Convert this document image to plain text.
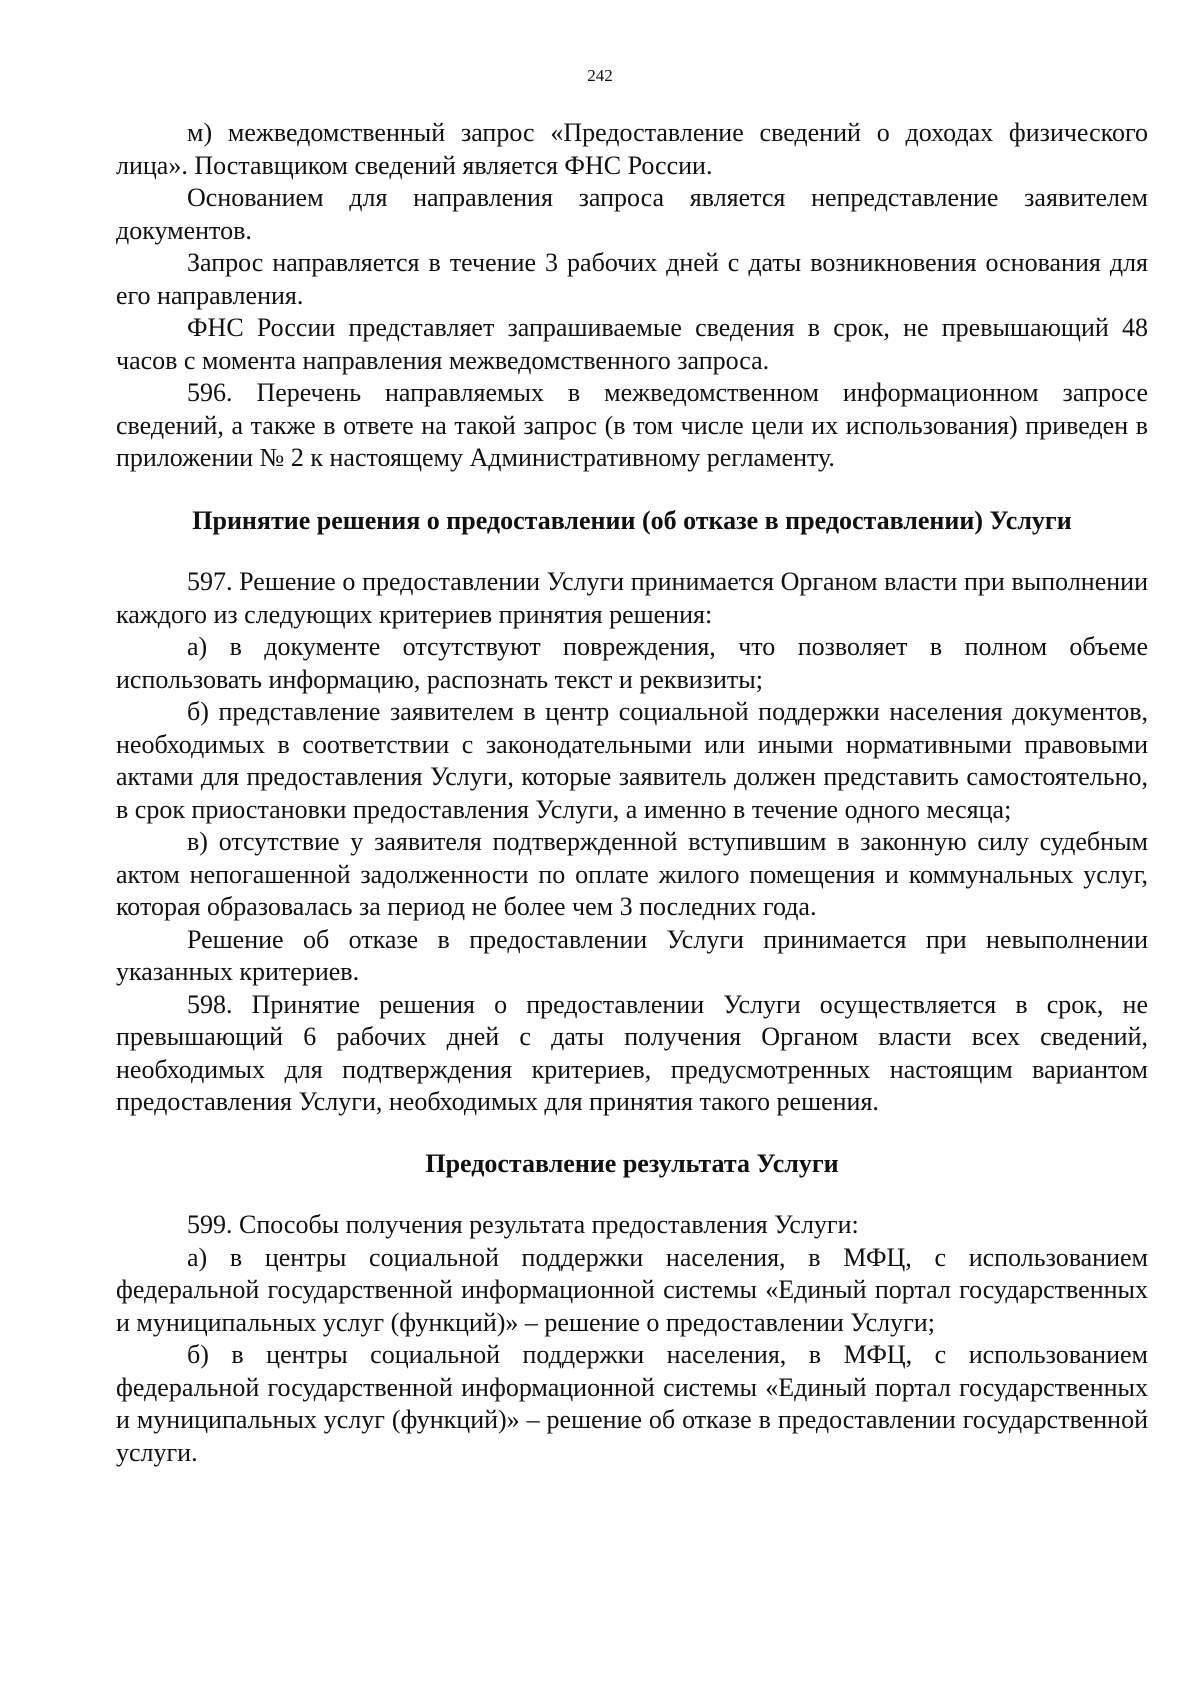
242

м) межведомственный запрос «Предоставление сведений о доходах физического лица». Поставщиком сведений является ФНС России.

Основанием для направления запроса является непредставление заявителем документов.

Запрос направляется в течение 3 рабочих дней с даты возникновения основания для его направления.

ФНС России представляет запрашиваемые сведения в срок, не превышающий 48 часов с момента направления межведомственного запроса.

596. Перечень направляемых в межведомственном информационном запросе сведений, а также в ответе на такой запрос (в том числе цели их использования) приведен в приложении № 2 к настоящему Административному регламенту.

Принятие решения о предоставлении (об отказе в предоставлении) Услуги

597. Решение о предоставлении Услуги принимается Органом власти при выполнении каждого из следующих критериев принятия решения:

а) в документе отсутствуют повреждения, что позволяет в полном объеме использовать информацию, распознать текст и реквизиты;

б) представление заявителем в центр социальной поддержки населения документов, необходимых в соответствии с законодательными или иными нормативными правовыми актами для предоставления Услуги, которые заявитель должен представить самостоятельно, в срок приостановки предоставления Услуги, а именно в течение одного месяца;

в) отсутствие у заявителя подтвержденной вступившим в законную силу судебным актом непогашенной задолженности по оплате жилого помещения и коммунальных услуг, которая образовалась за период не более чем 3 последних года.

Решение об отказе в предоставлении Услуги принимается при невыполнении указанных критериев.

598. Принятие решения о предоставлении Услуги осуществляется в срок, не превышающий 6 рабочих дней с даты получения Органом власти всех сведений, необходимых для подтверждения критериев, предусмотренных настоящим вариантом предоставления Услуги, необходимых для принятия такого решения.

Предоставление результата Услуги

599. Способы получения результата предоставления Услуги:

а) в центры социальной поддержки населения, в МФЦ, с использованием федеральной государственной информационной системы «Единый портал государственных и муниципальных услуг (функций)» – решение о предоставлении Услуги;

б) в центры социальной поддержки населения, в МФЦ, с использованием федеральной государственной информационной системы «Единый портал государственных и муниципальных услуг (функций)» – решение об отказе в предоставлении государственной услуги.
